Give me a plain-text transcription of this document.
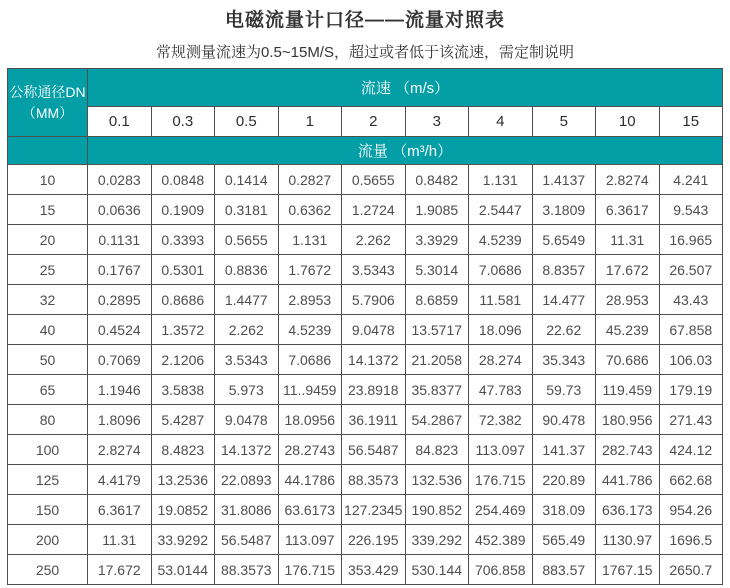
电磁流量计口径——流量对照表
常规测量流速为0.5~15M/S，超过或者低于该流速，需定制说明
公称通径DN
（MM）	流速 （m/s）									
	0.1	0.3	0.5	1	2	3	4	5	10	15
	流量 （m³/h）									
10	0.0283	0.0848	0.1414	0.2827	0.5655	0.8482	1.131	1.4137	2.8274	4.241
15	0.0636	0.1909	0.3181	0.6362	1.2724	1.9085	2.5447	3.1809	6.3617	9.543
20	0.1131	0.3393	0.5655	1.131	2.262	3.3929	4.5239	5.6549	11.31	16.965
25	0.1767	0.5301	0.8836	1.7672	3.5343	5.3014	7.0686	8.8357	17.672	26.507
32	0.2895	0.8686	1.4477	2.8953	5.7906	8.6859	11.581	14.477	28.953	43.43
40	0.4524	1.3572	2.262	4.5239	9.0478	13.5717	18.096	22.62	45.239	67.858
50	0.7069	2.1206	3.5343	7.0686	14.1372	21.2058	28.274	35.343	70.686	106.03
65	1.1946	3.5838	5.973	11..9459	23.8918	35.8377	47.783	59.73	119.459	179.19
80	1.8096	5.4287	9.0478	18.0956	36.1911	54.2867	72.382	90.478	180.956	271.43
100	2.8274	8.4823	14.1372	28.2743	56.5487	84.823	113.097	141.37	282.743	424.12
125	4.4179	13.2536	22.0893	44.1786	88.3573	132.536	176.715	220.89	441.786	662.68
150	6.3617	19.0852	31.8086	63.6173	127.2345	190.852	254.469	318.09	636.173	954.26
200	11.31	33.9292	56.5487	113.097	226.195	339.292	452.389	565.49	1130.97	1696.5
250	17.672	53.0144	88.3573	176.715	353.429	530.144	706.858	883.57	1767.15	2650.7
